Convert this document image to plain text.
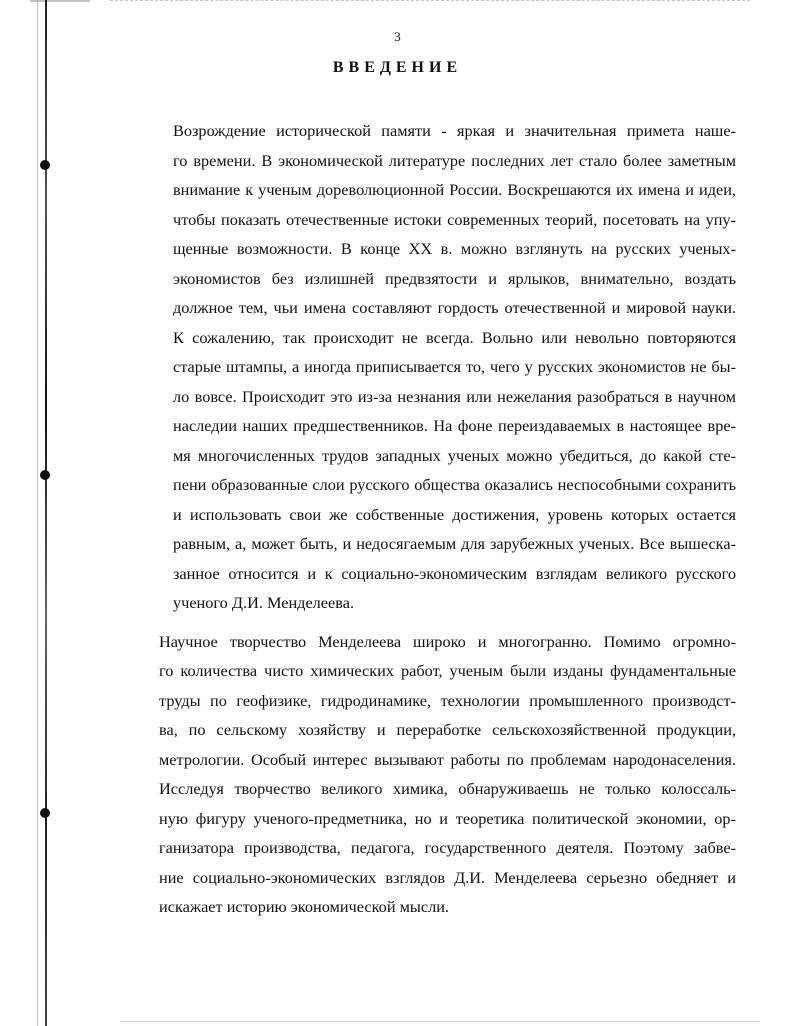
3
ВВЕДЕНИЕ

Возрождение исторической памяти - яркая и значительная примета наше-
го времени. В экономической литературе последних лет стало более заметным
внимание к ученым дореволюционной России. Воскрешаются их имена и идеи,
чтобы показать отечественные истоки современных теорий, посетовать на упу-
щенные возможности. В конце XX в. можно взглянуть на русских ученых-
экономистов без излишней предвзятости и ярлыков, внимательно, воздать
должное тем, чьи имена составляют гордость отечественной и мировой науки.
К сожалению, так происходит не всегда. Вольно или невольно повторяются
старые штампы, а иногда приписывается то, чего у русских экономистов не бы-
ло вовсе. Происходит это из-за незнания или нежелания разобраться в научном
наследии наших предшественников. На фоне переиздаваемых в настоящее вре-
мя многочисленных трудов западных ученых можно убедиться, до какой сте-
пени образованные слои русского общества оказались неспособными сохранить
и использовать свои же собственные достижения, уровень которых остается
равным, а, может быть, и недосягаемым для зарубежных ученых. Все вышеска-
занное относится и к социально-экономическим взглядам великого русского
ученого Д.И. Менделеева.

Научное творчество Менделеева широко и многогранно. Помимо огромно-
го количества чисто химических работ, ученым были изданы фундаментальные
труды по геофизике, гидродинамике, технологии промышленного производст-
ва, по сельскому хозяйству и переработке сельскохозяйственной продукции,
метрологии. Особый интерес вызывают работы по проблемам народонаселения.
Исследуя творчество великого химика, обнаруживаешь не только колоссаль-
ную фигуру ученого-предметника, но и теоретика политической экономии, ор-
ганизатора производства, педагога, государственного деятеля. Поэтому забве-
ние социально-экономических взглядов Д.И. Менделеева серьезно обедняет и
искажает историю экономической мысли.
